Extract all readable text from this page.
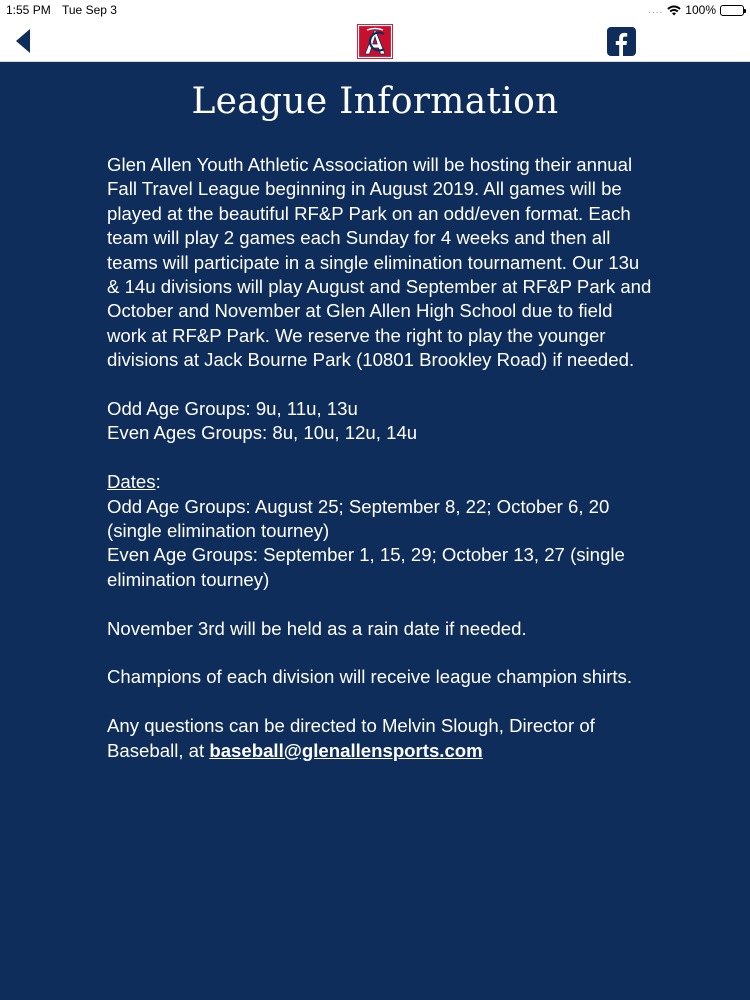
1:55 PM Tue Sep 3	.... 100%
League Information

Glen Allen Youth Athletic Association will be hosting their annual Fall Travel League beginning in August 2019. All games will be played at the beautiful RF&P Park on an odd/even format. Each team will play 2 games each Sunday for 4 weeks and then all teams will participate in a single elimination tournament. Our 13u & 14u divisions will play August and September at RF&P Park and October and November at Glen Allen High School due to field work at RF&P Park. We reserve the right to play the younger divisions at Jack Bourne Park (10801 Brookley Road) if needed.

Odd Age Groups: 9u, 11u, 13u

Even Ages Groups: 8u, 10u, 12u, 14u

Dates:

Odd Age Groups: August 25; September 8, 22; October 6, 20 (single elimination tourney)

Even Age Groups: September 1, 15, 29; October 13, 27 (single elimination tourney)

November 3rd will be held as a rain date if needed.

Champions of each division will receive league champion shirts.

Any questions can be directed to Melvin Slough, Director of Baseball, at baseball@glenallensports.com
